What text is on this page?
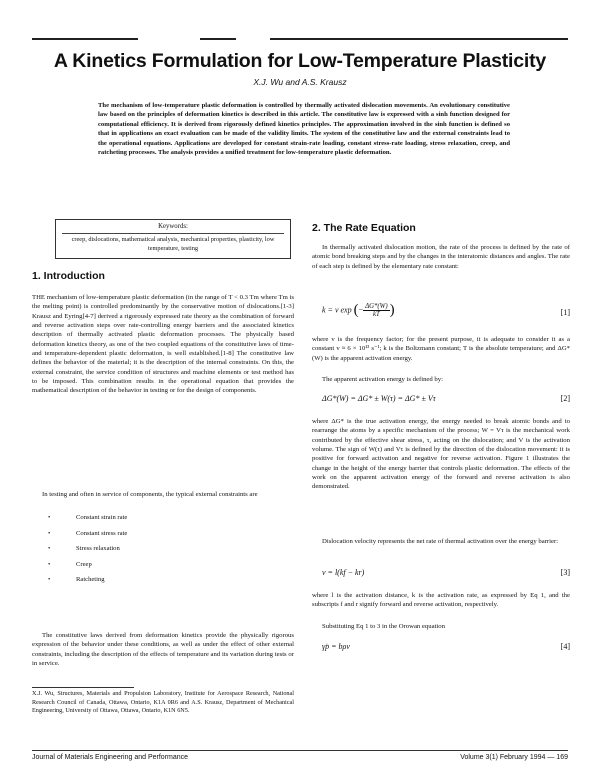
A Kinetics Formulation for Low-Temperature Plasticity
X.J. Wu and A.S. Krausz

The mechanism of low-temperature plastic deformation is controlled by thermally activated dislocation movements. An evolutionary constitutive law based on the principles of deformation kinetics is described in this article. The constitutive law is expressed with a sinh function designed for computational efficiency. It is derived from rigorously defined kinetics principles. The approximation involved in the sinh function is defined so that in applications an exact evaluation can be made of the validity limits. The system of the constitutive law and the external constraints lead to the operational equations. Applications are developed for constant strain-rate loading, constant stress-rate loading, stress relaxation, creep, and ratcheting processes. The analysis provides a unified treatment for low-temperature plastic deformation.

Keywords:
creep, dislocations, mathematical analysis, mechanical properties, plasticity, low temperature, testing
1. Introduction

THE mechanism of low-temperature plastic deformation (in the range of T < 0.3 Tm where Tm is the melting point) is controlled predominantly by the conservative motion of dislocations.[1-3] Krausz and Eyring[4-7] derived a rigorously expressed rate theory as the combination of forward and reverse activation steps over rate-controlling energy barriers and the associated kinetics description of thermally activated plastic deformation processes. The physically based deformation kinetics theory, as one of the two coupled equations of the constitutive laws of time- and temperature-dependent plastic deformation, is well established.[1-8] The constitutive law defines the behavior of the material; it is the description of the internal constraints. On this, the external constraint, the service condition of structures and machine elements or test method has to be imposed. This combination results in the operational equation that provides the mathematical description of the behavior in testing or for the design of components.

In testing and often in service of components, the typical external constraints are

• Constant strain rate
• Constant stress rate
• Stress relaxation
• Creep
• Ratcheting

The constitutive laws derived from deformation kinetics provide the physically rigorous expression of the behavior under these conditions, as well as under the effect of other external constraints, including the description of the effects of temperature and its variation during tests or in service.

X.J. Wu, Structures, Materials and Propulsion Laboratory, Institute for Aerospace Research, National Research Council of Canada, Ottawa, Ontario, K1A 0R6 and A.S. Krausz, Department of Mechanical Engineering, University of Ottawa, Ottawa, Ontario, K1N 6N5.

2. The Rate Equation

In thermally activated dislocation motion, the rate of the process is defined by the rate of atomic bond breaking steps and by the changes in the interatomic distances and angles. The rate of each step is defined by the elementary rate constant:

k = v exp (− $\frac{\Delta G*(W)}{kT}$ )	[1]

where v is the frequency factor; for the present purpose, it is adequate to consider it as a constant v ≈ 6 × 10¹³ s⁻¹; k is the Boltzmann constant; T is the absolute temperature; and ΔG*(W) is the apparent activation energy.

The apparent activation energy is defined by:

ΔG*(W) = ΔG* ± W(τ) = ΔG* ± Vτ	[2]

where ΔG* is the true activation energy, the energy needed to break atomic bonds and to rearrange the atoms by a specific mechanism of the process; W = Vτ is the mechanical work contributed by the effective shear stress, τ, acting on the dislocation; and V is the activation volume. The sign of W(τ) and Vτ is defined by the direction of the dislocation movement: it is positive for forward activation and negative for reverse activation. Figure 1 illustrates the change in the height of the energy barrier that controls plastic deformation. The effects of the work on the apparent activation energy of the forward and reverse activation is also demonstrated.

Dislocation velocity represents the net rate of thermal activation over the energy barrier:

v = l(kf − kr)	[3]

where l is the activation distance, k is the activation rate, as expressed by Eq 1, and the subscripts f and r signify forward and reverse activation, respectively.

Substituting Eq 1 to 3 in the Orowan equation

γ̇p = bρv	[4]
Journal of Materials Engineering and Performance	Volume 3(1) February 1994 — 169
